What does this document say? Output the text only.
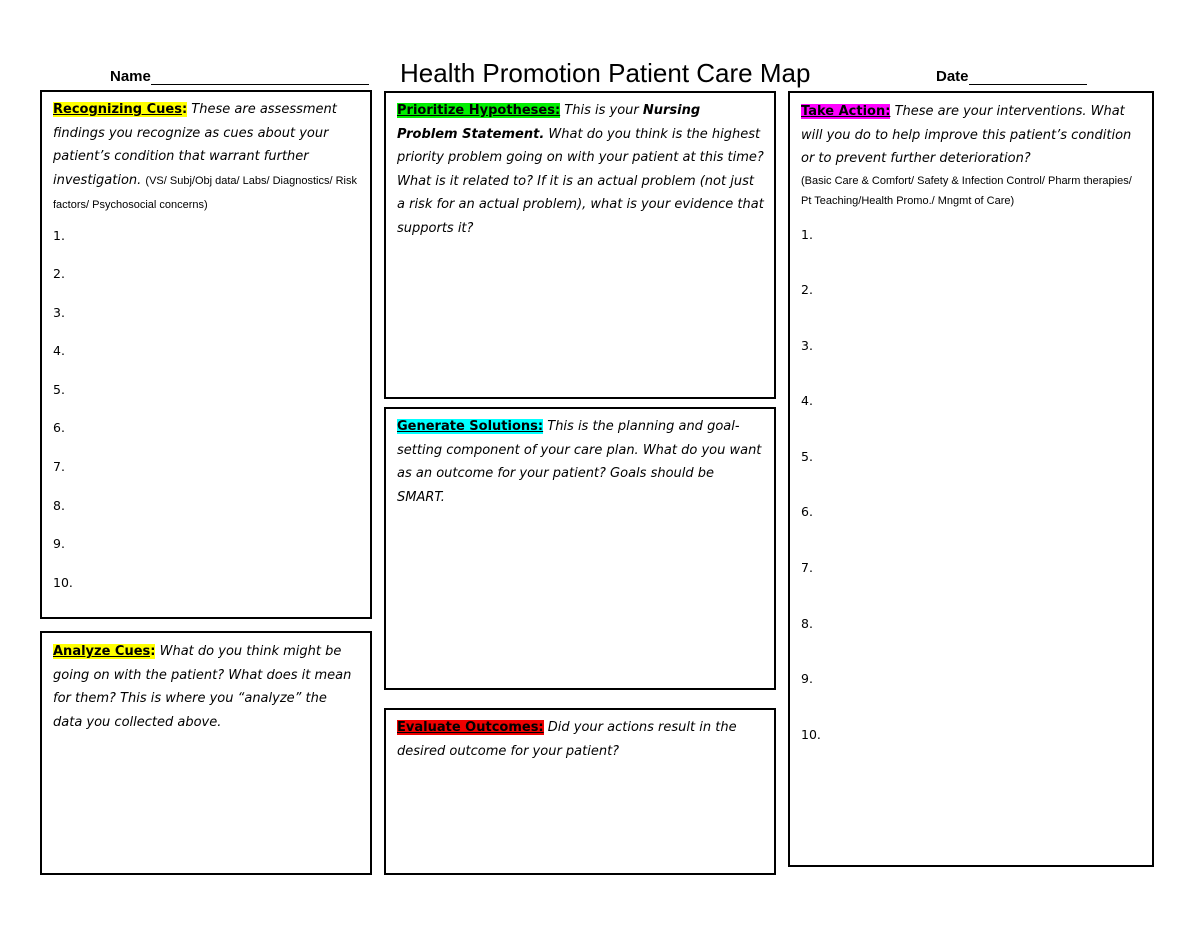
Name	Health Promotion Patient Care Map	Date

Recognizing Cues: These are assessment findings you recognize as cues about your patient’s condition that warrant further investigation. (VS/ Subj/Obj data/ Labs/ Diagnostics/ Risk factors/ Psychosocial concerns)

1.
2.
3.
4.
5.
6.
7.
8.
9.
10.

Analyze Cues: What do you think might be going on with the patient? What does it mean for them? This is where you “analyze” the data you collected above.

Prioritize Hypotheses: This is your Nursing Problem Statement. What do you think is the highest priority problem going on with your patient at this time? What is it related to? If it is an actual problem (not just a risk for an actual problem), what is your evidence that supports it?

Generate Solutions: This is the planning and goal-setting component of your care plan. What do you want as an outcome for your patient? Goals should be SMART.

Evaluate Outcomes: Did your actions result in the desired outcome for your patient?

Take Action: These are your interventions. What will you do to help improve this patient’s condition or to prevent further deterioration?

(Basic Care & Comfort/ Safety & Infection Control/ Pharm therapies/ Pt Teaching/Health Promo./ Mngmt of Care)
1.
2.
3.
4.
5.
6.
7.
8.
9.
10.
